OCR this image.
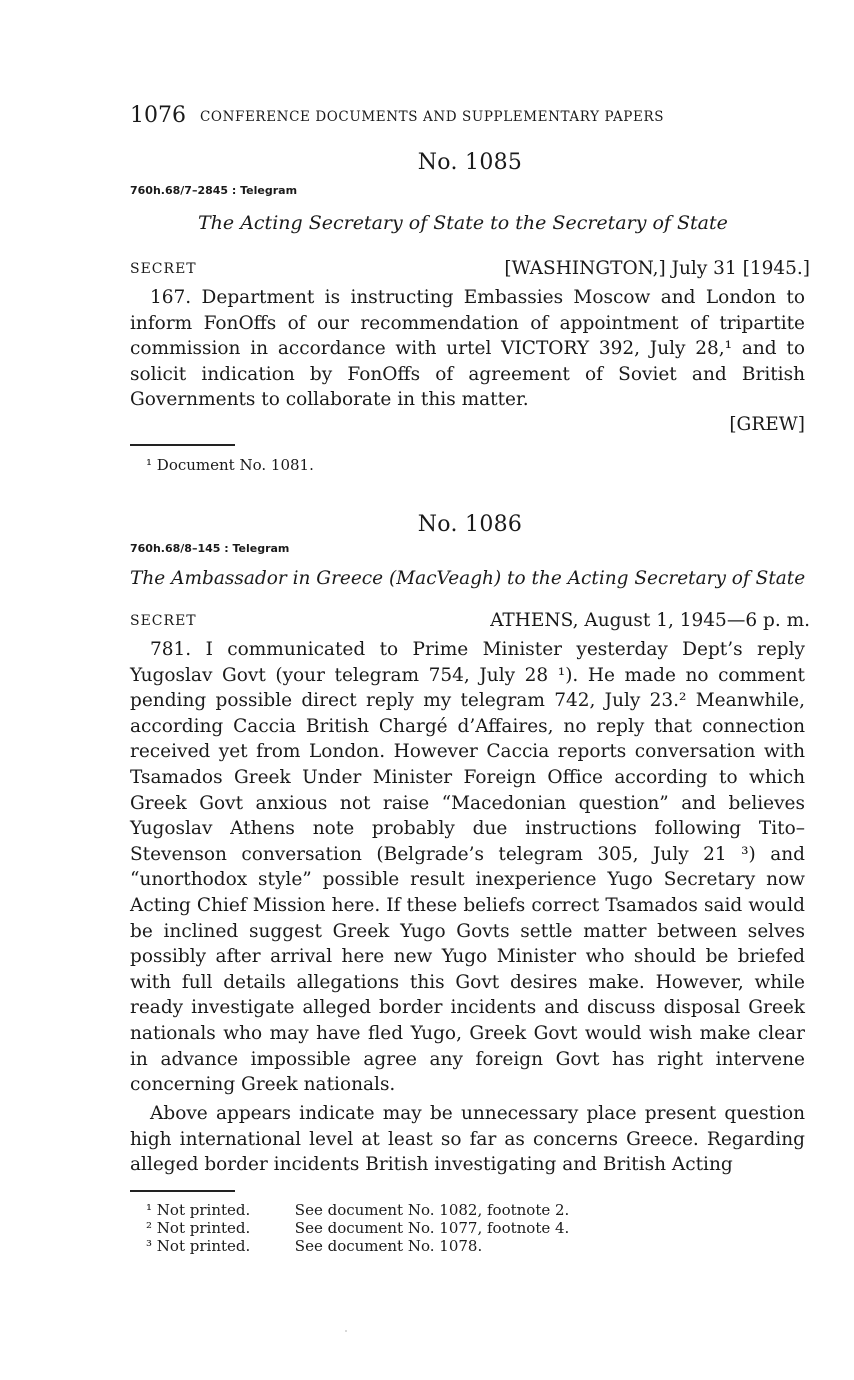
1076 CONFERENCE DOCUMENTS AND SUPPLEMENTARY PAPERS
No. 1085
760h.68/7–2845 : Telegram
The Acting Secretary of State to the Secretary of State
SECRET	[WASHINGTON,] July 31 [1945.]
167. Department is instructing Embassies Moscow and London to inform FonOffs of our recommendation of appointment of tripartite commission in accordance with urtel VICTORY 392, July 28,¹ and to solicit indication by FonOffs of agreement of Soviet and British Governments to collaborate in this matter.
[GREW]
¹ Document No. 1081.
No. 1086
760h.68/8–145 : Telegram
The Ambassador in Greece (MacVeagh) to the Acting Secretary of State
SECRET	ATHENS, August 1, 1945—6 p. m.
781. I communicated to Prime Minister yesterday Dept’s reply Yugoslav Govt (your telegram 754, July 28 ¹). He made no comment pending possible direct reply my telegram 742, July 23.² Meanwhile, according Caccia British Chargé d’Affaires, no reply that connection received yet from London. However Caccia reports conversation with Tsamados Greek Under Minister Foreign Office according to which Greek Govt anxious not raise “Macedonian question” and believes Yugoslav Athens note probably due instructions following Tito–Stevenson conversation (Belgrade’s telegram 305, July 21 ³) and “unorthodox style” possible result inexperience Yugo Secretary now Acting Chief Mission here. If these beliefs correct Tsamados said would be inclined suggest Greek Yugo Govts settle matter between selves possibly after arrival here new Yugo Minister who should be briefed with full details allegations this Govt desires make. However, while ready investigate alleged border incidents and discuss disposal Greek nationals who may have fled Yugo, Greek Govt would wish make clear in advance impossible agree any foreign Govt has right intervene concerning Greek nationals.
Above appears indicate may be unnecessary place present question high international level at least so far as concerns Greece. Regarding alleged border incidents British investigating and British Acting
¹ Not printed.	See document No. 1082, footnote 2.
² Not printed.	See document No. 1077, footnote 4.
³ Not printed.	See document No. 1078.
